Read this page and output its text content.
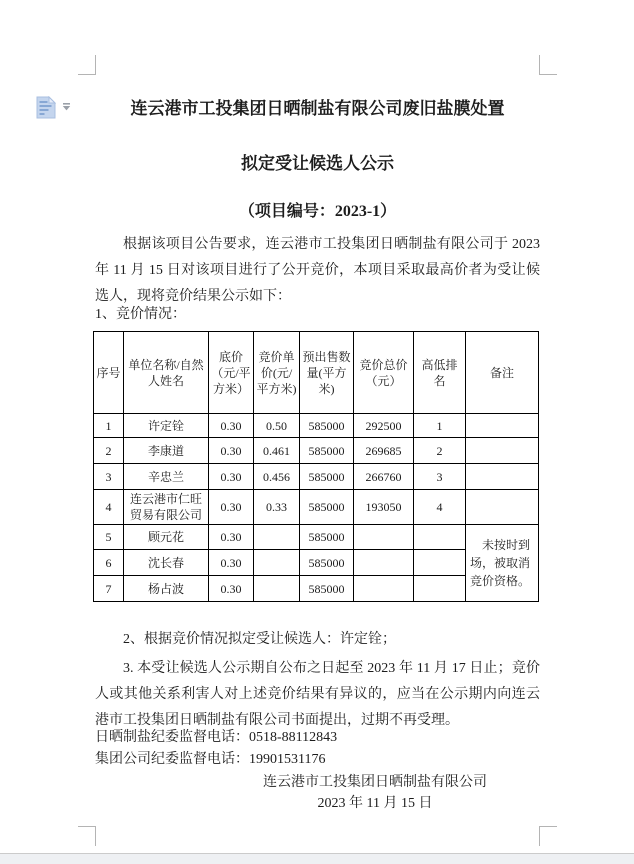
连云港市工投集团日晒制盐有限公司废旧盐膜处置
拟定受让候选人公示
（项目编号：2023-1）
根据该项目公告要求，连云港市工投集团日晒制盐有限公司于 2023 年 11 月 15 日对该项目进行了公开竞价，本项目采取最高价者为受让候选人，现将竞价结果公示如下：
1、竞价情况：
序号	单位名称/自然人姓名	底价（元/平方米）	竞价单价(元/平方米)	预出售数量(平方米)	竞价总价（元）	高低排名	备注
1	许定铨	0.30	0.50	585000	292500	1	
2	李康道	0.30	0.461	585000	269685	2	
3	辛忠兰	0.30	0.456	585000	266760	3	
4	连云港市仁旺贸易有限公司	0.30	0.33	585000	193050	4	
5	顾元花	0.30		585000			未按时到场，被取消竞价资格。
6	沈长春	0.30		585000			
7	杨占波	0.30		585000			
2、根据竞价情况拟定受让候选人：许定铨；
3. 本受让候选人公示期自公布之日起至 2023 年 11 月 17 日止；竞价人或其他关系利害人对上述竞价结果有异议的，应当在公示期内向连云港市工投集团日晒制盐有限公司书面提出，过期不再受理。
日晒制盐纪委监督电话：0518-88112843
集团公司纪委监督电话：19901531176
连云港市工投集团日晒制盐有限公司
2023 年 11 月 15 日
